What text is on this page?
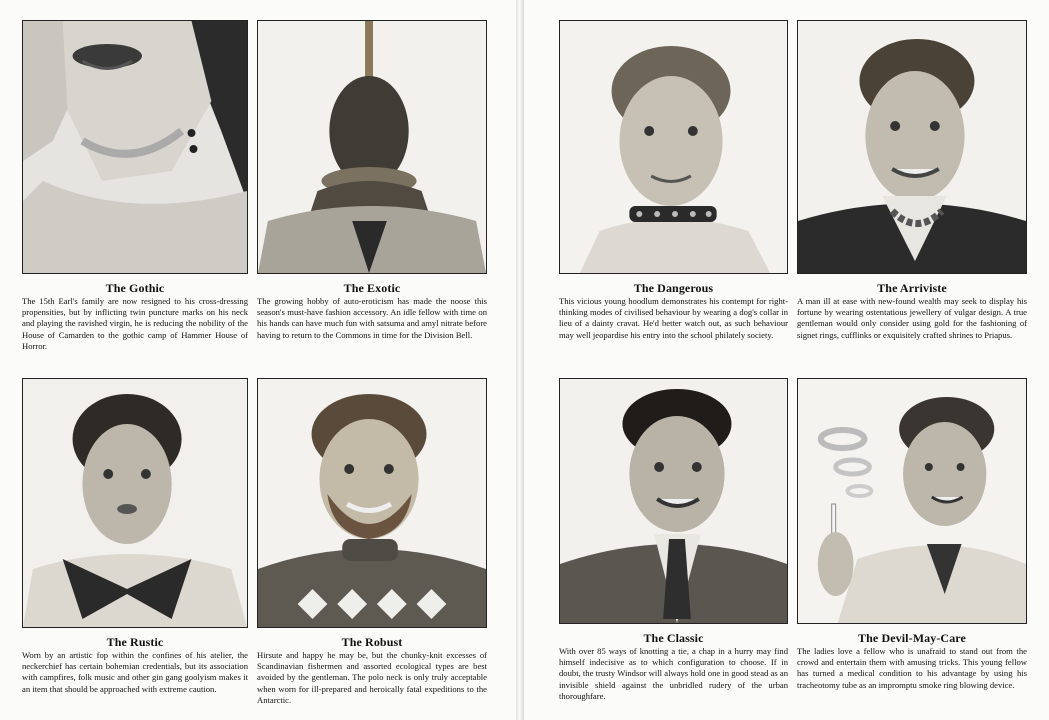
The Gothic

The 15th Earl's family are now resigned to his cross-dressing propensities, but by inflicting twin puncture marks on his neck and playing the ravished virgin, he is reducing the nobility of the House of Camarden to the gothic camp of Hammer House of Horror.

The Exotic

The growing hobby of auto-eroticism has made the noose this season's must-have fashion accessory. An idle fellow with time on his hands can have much fun with satsuma and amyl nitrate before having to return to the Commons in time for the Division Bell.

The Dangerous

This vicious young hoodlum demonstrates his contempt for right-thinking modes of civilised behaviour by wearing a dog's collar in lieu of a dainty cravat. He'd better watch out, as such behaviour may well jeopardise his entry into the school philately society.

The Arriviste

A man ill at ease with new-found wealth may seek to display his fortune by wearing ostentatious jewellery of vulgar design. A true gentleman would only consider using gold for the fashioning of signet rings, cufflinks or exquisitely crafted shrines to Priapus.

The Rustic

Worn by an artistic fop within the confines of his atelier, the neckerchief has certain bohemian credentials, but its association with campfires, folk music and other gin gang goolyism makes it an item that should be approached with extreme caution.

The Robust

Hirsute and happy he may be, but the chunky-knit excesses of Scandinavian fishermen and assorted ecological types are best avoided by the gentleman. The polo neck is only truly acceptable when worn for ill-prepared and heroically fatal expeditions to the Antarctic.

The Classic

With over 85 ways of knotting a tie, a chap in a hurry may find himself indecisive as to which configuration to choose. If in doubt, the trusty Windsor will always hold one in good stead as an invisible shield against the unbridled rudery of the urban thoroughfare.

The Devil-May-Care

The ladies love a fellow who is unafraid to stand out from the crowd and entertain them with amusing tricks. This young fellow has turned a medical condition to his advantage by using his tracheotomy tube as an impromptu smoke ring blowing device.
